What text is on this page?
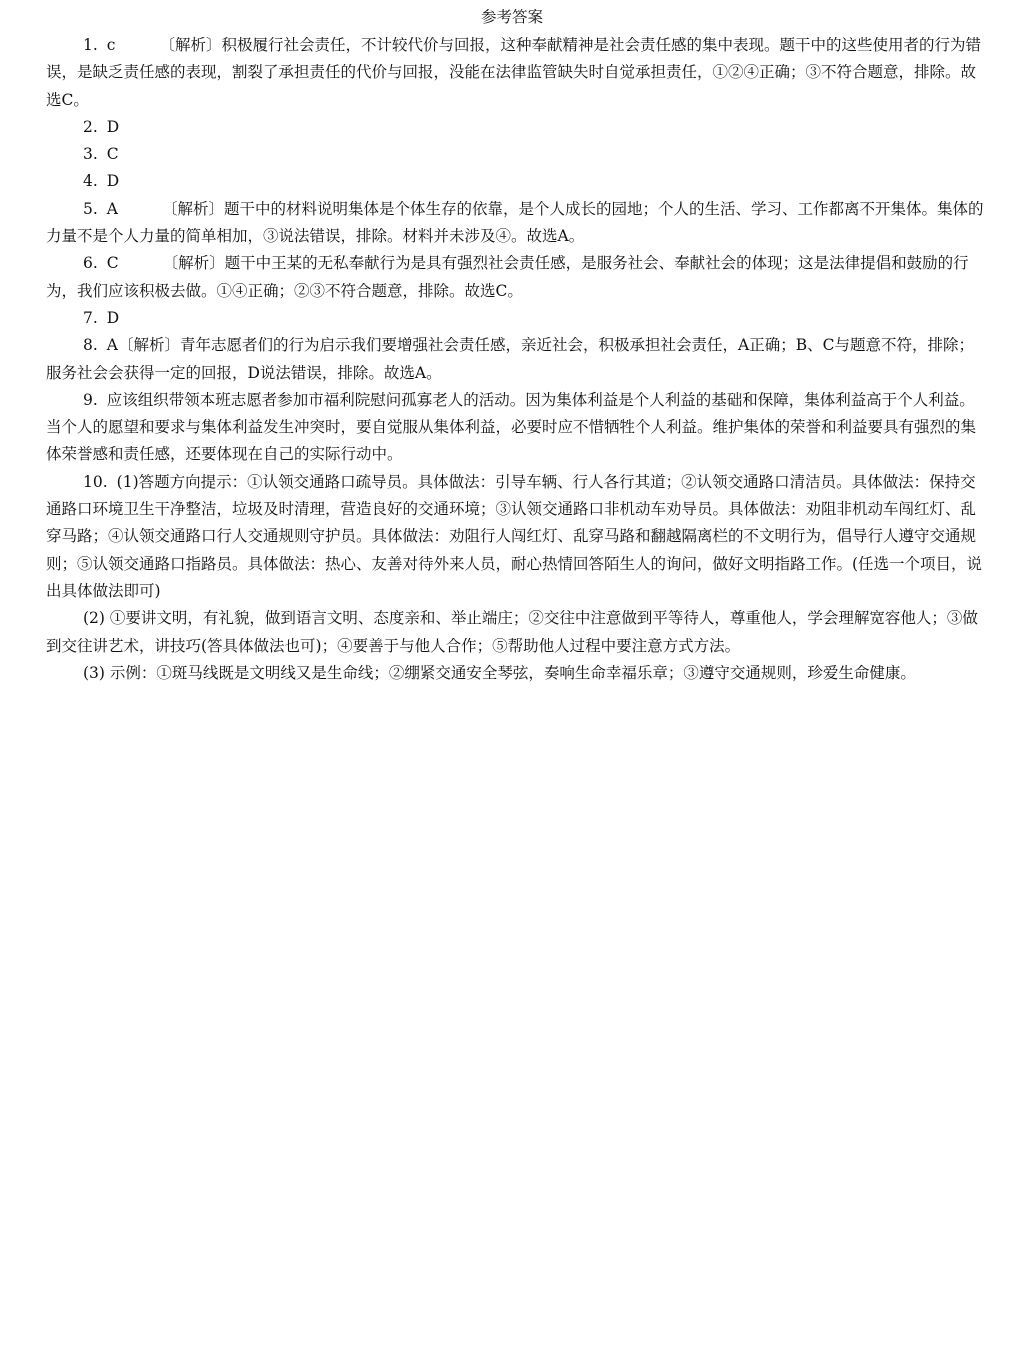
参考答案

1. c	〔解析〕积极履行社会责任，不计较代价与回报，这种奉献精神是社会责任感的集中表现。题干中的这些使用者的行为错误，是缺乏责任感的表现，割裂了承担责任的代价与回报，没能在法律监管缺失时自觉承担责任，①②④正确；③不符合题意，排除。故选C。

2. D

3. C

4. D

5. A	〔解析〕题干中的材料说明集体是个体生存的依靠，是个人成长的园地；个人的生活、学习、工作都离不开集体。集体的力量不是个人力量的简单相加，③说法错误，排除。材料并未涉及④。故选A。

6. C	〔解析〕题干中王某的无私奉献行为是具有强烈社会责任感，是服务社会、奉献社会的体现；这是法律提倡和鼓励的行为，我们应该积极去做。①④正确；②③不符合题意，排除。故选C。

7. D

8. A〔解析〕青年志愿者们的行为启示我们要增强社会责任感，亲近社会，积极承担社会责任，A正确；B、C与题意不符，排除；服务社会会获得一定的回报，D说法错误，排除。故选A。

9. 应该组织带领本班志愿者参加市福利院慰问孤寡老人的活动。因为集体利益是个人利益的基础和保障，集体利益高于个人利益。当个人的愿望和要求与集体利益发生冲突时，要自觉服从集体利益，必要时应不惜牺牲个人利益。维护集体的荣誉和利益要具有强烈的集体荣誉感和责任感，还要体现在自己的实际行动中。

10. (1)答题方向提示：①认领交通路口疏导员。具体做法：引导车辆、行人各行其道；②认领交通路口清洁员。具体做法：保持交通路口环境卫生干净整洁，垃圾及时清理，营造良好的交通环境；③认领交通路口非机动车劝导员。具体做法：劝阻非机动车闯红灯、乱穿马路；④认领交通路口行人交通规则守护员。具体做法：劝阻行人闯红灯、乱穿马路和翻越隔离栏的不文明行为，倡导行人遵守交通规则；⑤认领交通路口指路员。具体做法：热心、友善对待外来人员，耐心热情回答陌生人的询问，做好文明指路工作。(任选一个项目，说出具体做法即可)

(2) ①要讲文明，有礼貌，做到语言文明、态度亲和、举止端庄；②交往中注意做到平等待人，尊重他人，学会理解宽容他人；③做到交往讲艺术，讲技巧(答具体做法也可)；④要善于与他人合作；⑤帮助他人过程中要注意方式方法。

(3) 示例：①斑马线既是文明线又是生命线；②绷紧交通安全琴弦，奏响生命幸福乐章；③遵守交通规则，珍爱生命健康。
